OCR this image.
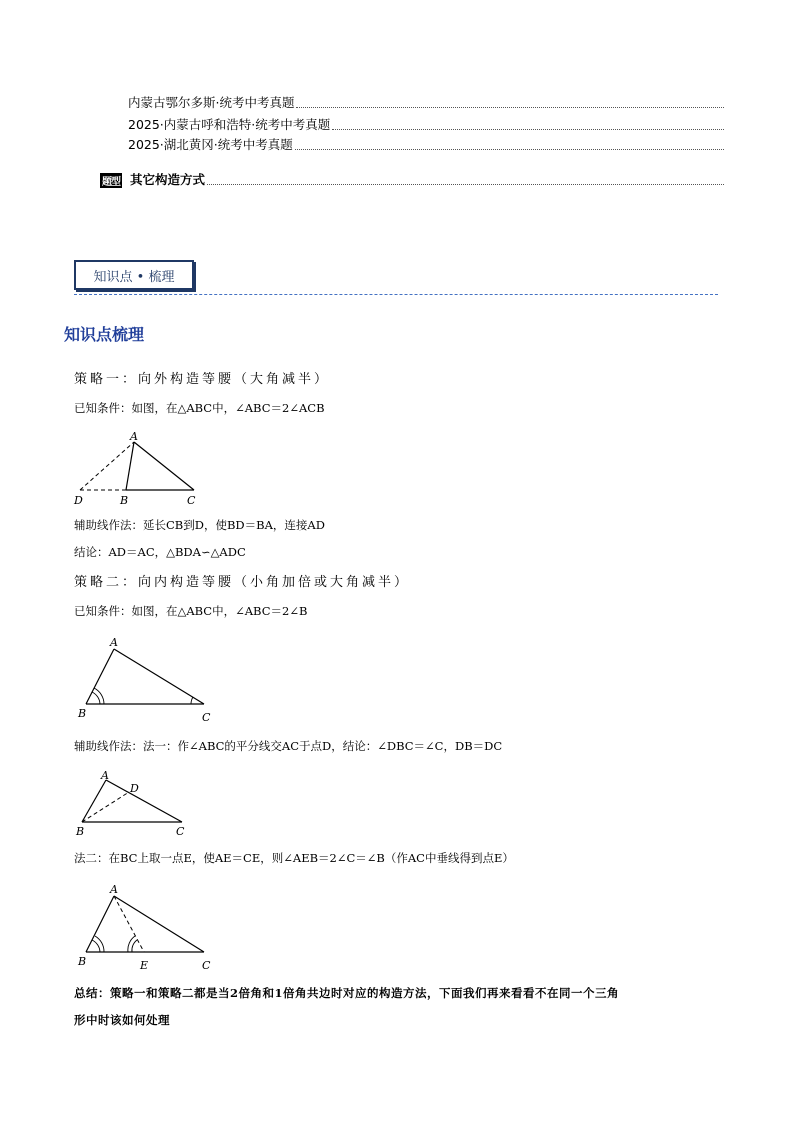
内蒙古鄂尔多斯·统考中考真题
2025·内蒙古呼和浩特·统考中考真题
2025·湖北黄冈·统考中考真题
题型 其它构造方式
知识点 • 梳理
知识点梳理
策略一：向外构造等腰（大角减半）
已知条件：如图，在△ABC中，∠ABC＝2∠ACB
A
D	B	C
辅助线作法：延长CB到D，使BD＝BA，连接AD
结论：AD＝AC，△BDA∽△ADC
策略二：向内构造等腰（小角加倍或大角减半）
已知条件：如图，在△ABC中，∠ABC＝2∠B
A
B	C
辅助线作法：法一：作∠ABC的平分线交AC于点D，结论：∠DBC＝∠C，DB＝DC
A
D
B	C
法二：在BC上取一点E，使AE＝CE，则∠AEB＝2∠C＝∠B（作AC中垂线得到点E）
A
B	E	C
总结：策略一和策略二都是当2倍角和1倍角共边时对应的构造方法，下面我们再来看看不在同一个三角
形中时该如何处理
